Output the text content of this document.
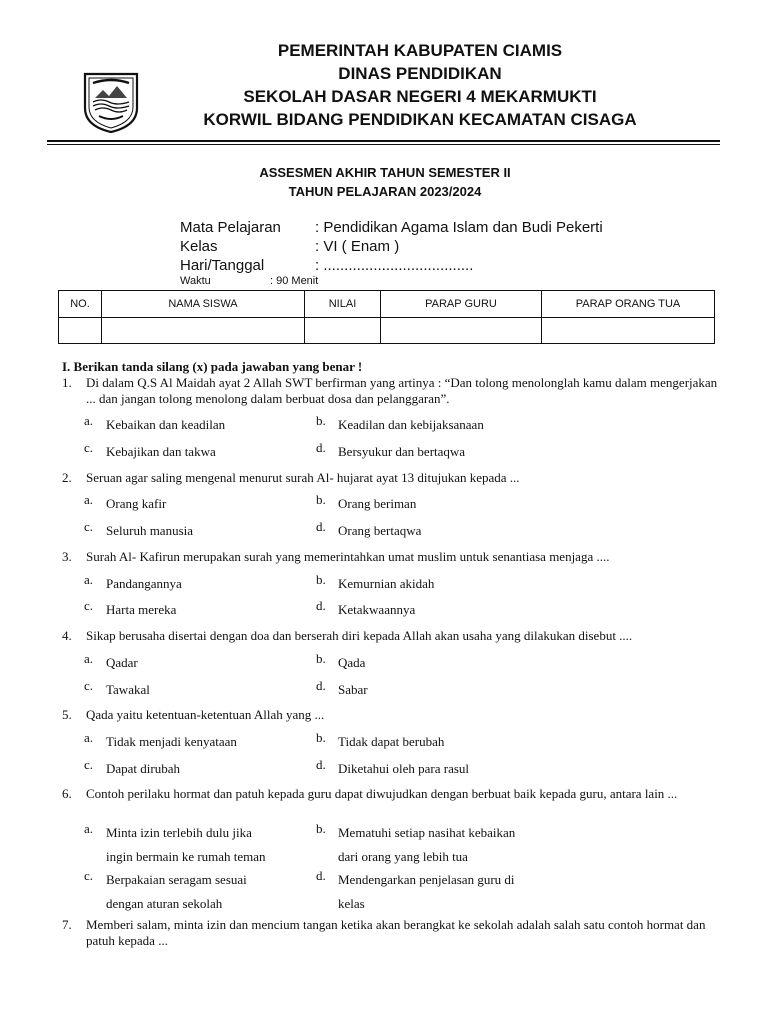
PEMERINTAH KABUPATEN CIAMIS
DINAS PENDIDIKAN
SEKOLAH DASAR NEGERI 4 MEKARMUKTI
KORWIL BIDANG PENDIDIKAN KECAMATAN CISAGA
ASSESMEN AKHIR TAHUN SEMESTER II
TAHUN PELAJARAN 2023/2024
Mata Pelajaran : Pendidikan Agama Islam dan Budi Pekerti
Kelas	: VI ( Enam )
Hari/Tanggal	: ....................................
Waktu	: 90 Menit
NO.	NAMA SISWA	NILAI	PARAP GURU	PARAP ORANG TUA

I. Berikan tanda silang (x) pada jawaban yang benar !
1. Di dalam Q.S Al Maidah ayat 2 Allah SWT berfirman yang artinya : “Dan tolong menolonglah kamu dalam mengerjakan ... dan jangan tolong menolong dalam berbuat dosa dan pelanggaran”.
a. Kebaikan dan keadilan	b. Keadilan dan kebijaksanaan
c. Kebajikan dan takwa	d. Bersyukur dan bertaqwa
2. Seruan agar saling mengenal menurut surah Al- hujarat ayat 13 ditujukan kepada ...
a. Orang kafir	b. Orang beriman
c. Seluruh manusia	d. Orang bertaqwa
3. Surah Al- Kafirun merupakan surah yang memerintahkan umat muslim untuk senantiasa menjaga ....
a. Pandangannya	b. Kemurnian akidah
c. Harta mereka	d. Ketakwaannya
4. Sikap berusaha disertai dengan doa dan berserah diri kepada Allah akan usaha yang dilakukan disebut ....
a. Qadar	b. Qada
c. Tawakal	d. Sabar
5. Qada yaitu ketentuan-ketentuan Allah yang ...
a. Tidak menjadi kenyataan	b. Tidak dapat berubah
c. Dapat dirubah	d. Diketahui oleh para rasul
6. Contoh perilaku hormat dan patuh kepada guru dapat diwujudkan dengan berbuat baik kepada guru, antara lain ...
a. Minta izin terlebih dulu jika
ingin bermain ke rumah teman
b. Mematuhi setiap nasihat kebaikan
dari orang yang lebih tua
c. Berpakaian seragam sesuai
dengan aturan sekolah
d. Mendengarkan penjelasan guru di
kelas
7. Memberi salam, minta izin dan mencium tangan ketika akan berangkat ke sekolah adalah salah satu contoh hormat dan patuh kepada ...
